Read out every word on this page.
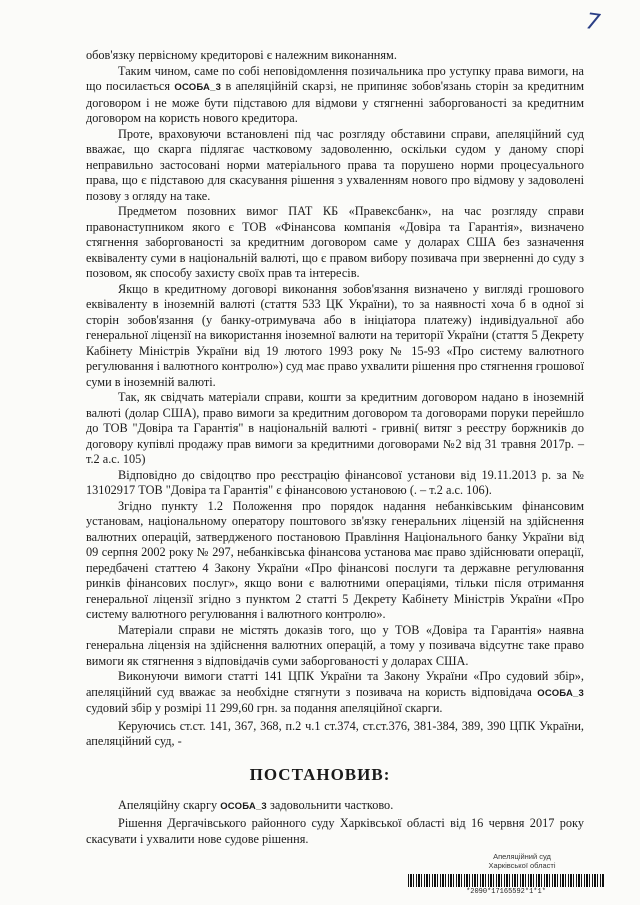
7

обов'язку первісному кредиторові є належним виконанням.

Таким чином, саме по собі неповідомлення позичальника про уступку права вимоги, на що посилається ОСОБА_3 в апеляційній скарзі, не припиняє зобов'язань сторін за кредитним договором і не може бути підставою для відмови у стягненні заборгованості за кредитним договором на користь нового кредитора.

Проте, враховуючи встановлені під час розгляду обставини справи, апеляційний суд вважає, що скарга підлягає частковому задоволенню, оскільки судом у даному спорі неправильно застосовані норми матеріального права та порушено норми процесуального права, що є підставою для скасування рішення з ухваленням нового про відмову у задоволені позову з огляду на таке.

Предметом позовних вимог ПАТ КБ «Правексбанк», на час розгляду справи правонаступником якого є ТОВ «Фінансова компанія «Довіра та Гарантія», визначено стягнення заборгованості за кредитним договором саме у доларах США без зазначення еквіваленту суми в національній валюті, що є правом вибору позивача при зверненні до суду з позовом, як способу захисту своїх прав та інтересів.

Якщо в кредитному договорі виконання зобов'язання визначено у вигляді грошового еквіваленту в іноземній валюті (стаття 533 ЦК України), то за наявності хоча б в одної зі сторін зобов'язання (у банку-отримувача або в ініціатора платежу) індивідуальної або генеральної ліцензії на використання іноземної валюти на території України (стаття 5 Декрету Кабінету Міністрів України від 19 лютого 1993 року № 15-93 «Про систему валютного регулювання і валютного контролю») суд має право ухвалити рішення про стягнення грошової суми в іноземній валюті.

Так, як свідчать матеріали справи, кошти за кредитним договором надано в іноземній валюті (долар США), право вимоги за кредитним договором та договорами поруки перейшло до ТОВ "Довіра та Гарантія" в національній валюті - гривні( витяг з реєстру боржників до договору купівлі продажу прав вимоги за кредитними договорами №2 від 31 травня 2017р. – т.2 а.с. 105)

Відповідно до свідоцтво про реєстрацію фінансової установи від 19.11.2013 р. за № 13102917 ТОВ "Довіра та Гарантія" є фінансовою установою (. – т.2 а.с. 106).

Згідно пункту 1.2 Положення про порядок надання небанківським фінансовим установам, національному оператору поштового зв'язку генеральних ліцензій на здійснення валютних операцій, затвердженого постановою Правління Національного банку України від 09 серпня 2002 року № 297, небанківська фінансова установа має право здійснювати операції, передбачені статтею 4 Закону України «Про фінансові послуги та державне регулювання ринків фінансових послуг», якщо вони є валютними операціями, тільки після отримання генеральної ліцензії згідно з пунктом 2 статті 5 Декрету Кабінету Міністрів України «Про систему валютного регулювання і валютного контролю».

Матеріали справи не містять доказів того, що у ТОВ «Довіра та Гарантія» наявна генеральна ліцензія на здійснення валютних операцій, а тому у позивача відсутнє таке право вимоги як стягнення з відповідачів суми заборгованості у доларах США.

Виконуючи вимоги статті 141 ЦПК України та Закону України «Про судовий збір», апеляційний суд вважає за необхідне стягнути з позивача на користь відповідача ОСОБА_3 судовий збір у розмірі 11 299,60 грн. за подання апеляційної скарги.

Керуючись ст.ст. 141, 367, 368, п.2 ч.1 ст.374, ст.ст.376, 381-384, 389, 390 ЦПК України, апеляційний суд, -

ПОСТАНОВИВ:

Апеляційну скаргу ОСОБА_3 задовольнити частково.

Рішення Дергачівського районного суду Харківської області від 16 червня 2017 року скасувати і ухвалити нове судове рішення.

Апеляційний суд
Харківської області
*2090*17165592*1*1*
